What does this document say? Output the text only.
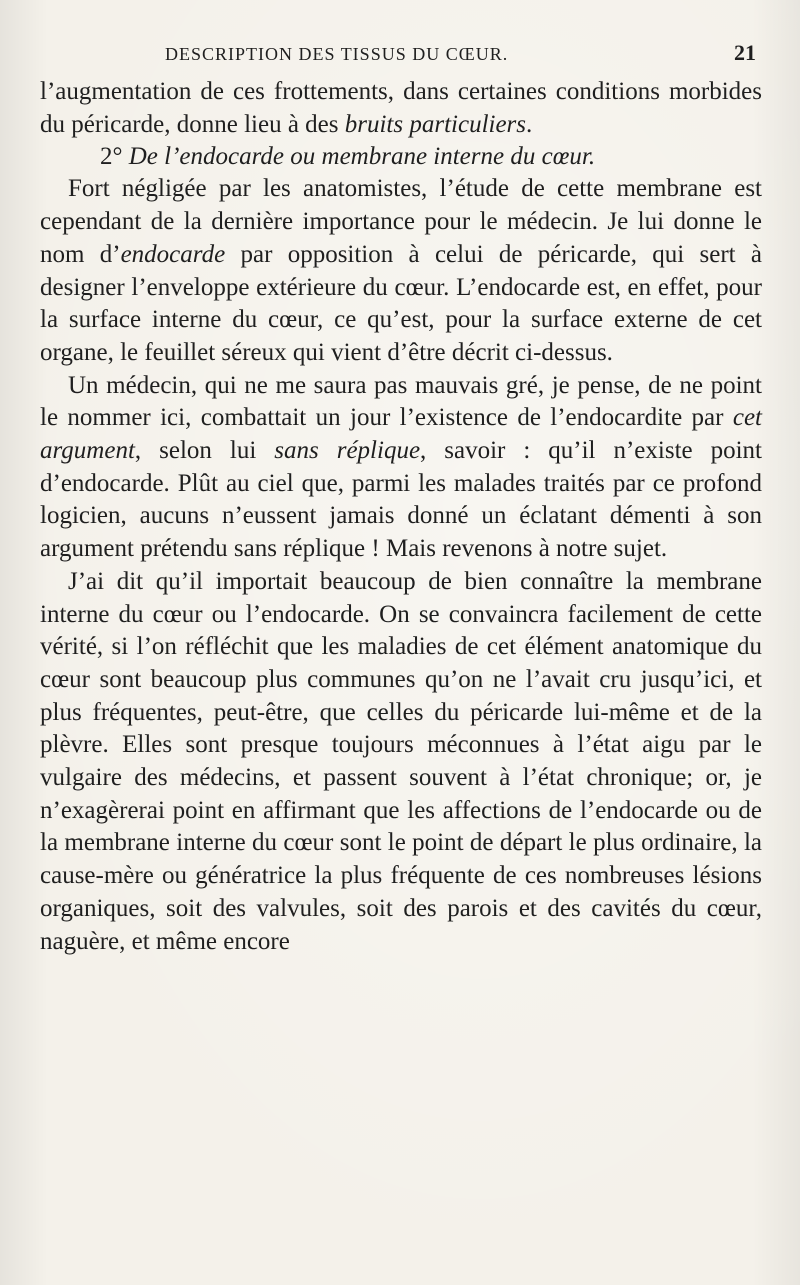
DESCRIPTION DES TISSUS DU CŒUR.	21

l’augmentation de ces frottements, dans certaines conditions morbides du péricarde, donne lieu à des bruits particuliers.

2° De l’endocarde ou membrane interne du cœur.

Fort négligée par les anatomistes, l’étude de cette membrane est cependant de la dernière importance pour le médecin. Je lui donne le nom d’endocarde par opposition à celui de péricarde, qui sert à designer l’enveloppe extérieure du cœur. L’endocarde est, en effet, pour la surface interne du cœur, ce qu’est, pour la surface externe de cet organe, le feuillet séreux qui vient d’être décrit ci-dessus.

Un médecin, qui ne me saura pas mauvais gré, je pense, de ne point le nommer ici, combattait un jour l’existence de l’endocardite par cet argument, selon lui sans réplique, savoir : qu’il n’existe point d’endocarde. Plût au ciel que, parmi les malades traités par ce profond logicien, aucuns n’eussent jamais donné un éclatant démenti à son argument prétendu sans réplique ! Mais revenons à notre sujet.

J’ai dit qu’il importait beaucoup de bien connaître la membrane interne du cœur ou l’endocarde. On se convaincra facilement de cette vérité, si l’on réfléchit que les maladies de cet élément anatomique du cœur sont beaucoup plus communes qu’on ne l’avait cru jusqu’ici, et plus fréquentes, peut-être, que celles du péricarde lui-même et de la plèvre. Elles sont presque toujours méconnues à l’état aigu par le vulgaire des médecins, et passent souvent à l’état chronique; or, je n’exagèrerai point en affirmant que les affections de l’endocarde ou de la membrane interne du cœur sont le point de départ le plus ordinaire, la cause-mère ou génératrice la plus fréquente de ces nombreuses lésions organiques, soit des valvules, soit des parois et des cavités du cœur, naguère, et même encore
